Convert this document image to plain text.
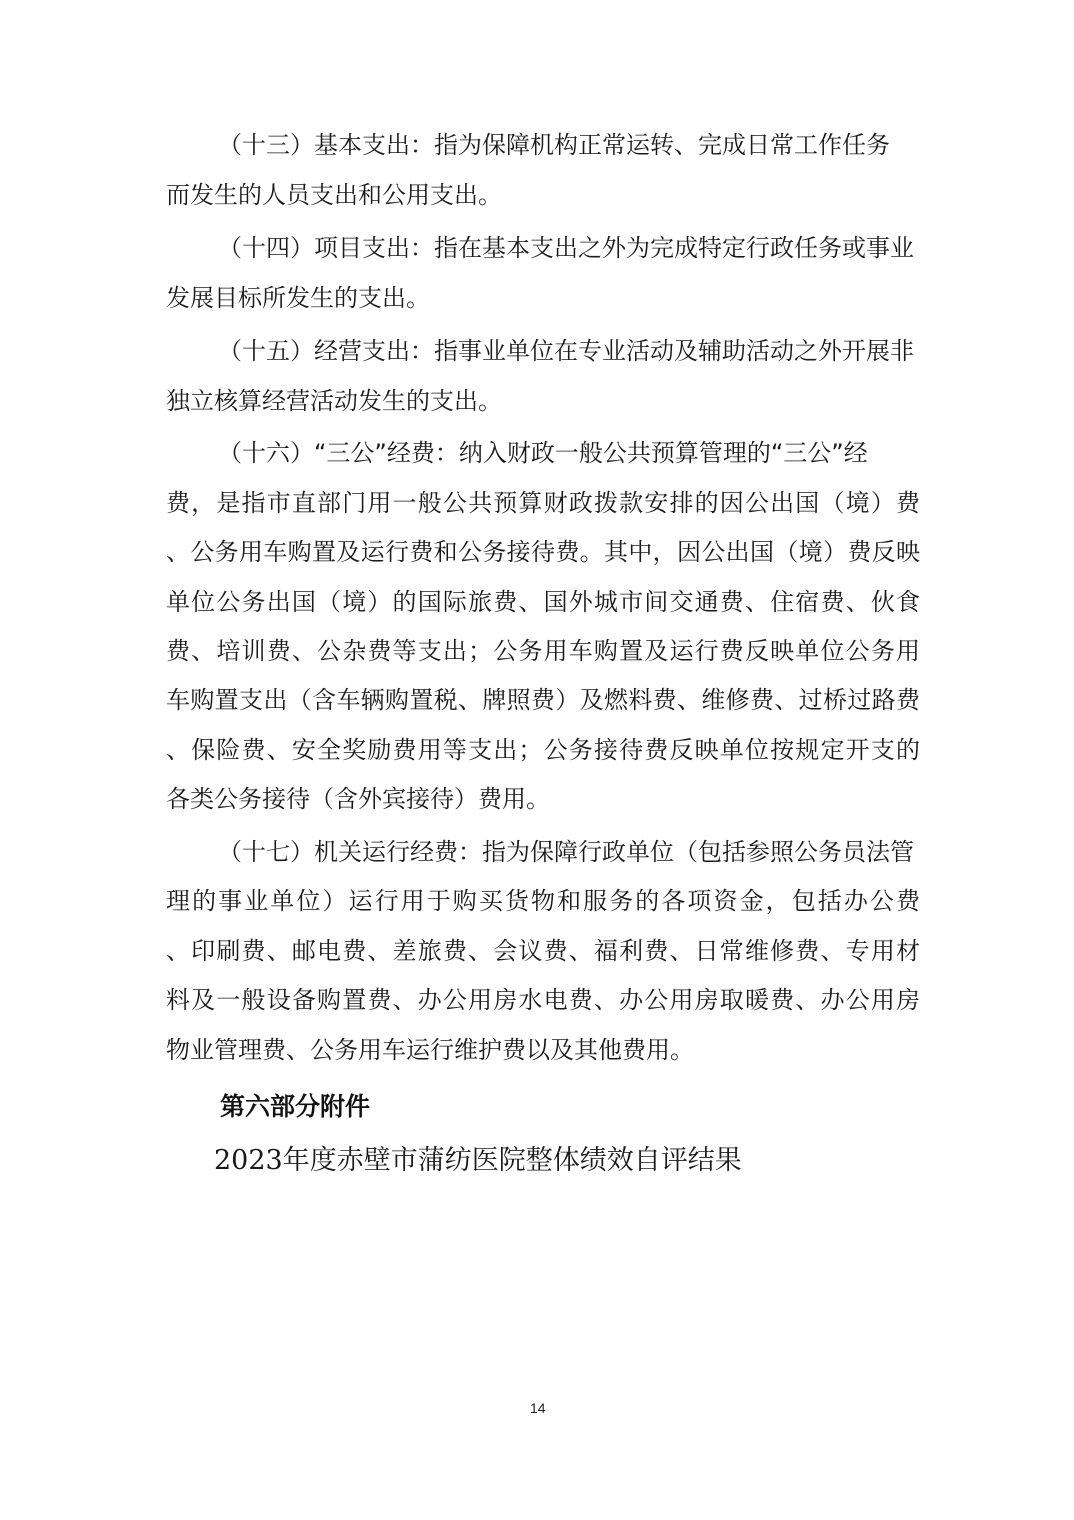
（十三）基本支出：指为保障机构正常运转、完成日常工作任务
而发生的人员支出和公用支出。
（十四）项目支出：指在基本支出之外为完成特定行政任务或事业
发展目标所发生的支出。
（十五）经营支出：指事业单位在专业活动及辅助活动之外开展非
独立核算经营活动发生的支出。
（十六）“三公”经费：纳入财政一般公共预算管理的“三公”经
费，是指市直部门用一般公共预算财政拨款安排的因公出国（境）费
、公务用车购置及运行费和公务接待费。其中，因公出国（境）费反映
单位公务出国（境）的国际旅费、国外城市间交通费、住宿费、伙食
费、培训费、公杂费等支出；公务用车购置及运行费反映单位公务用
车购置支出（含车辆购置税、牌照费）及燃料费、维修费、过桥过路费
、保险费、安全奖励费用等支出；公务接待费反映单位按规定开支的
各类公务接待（含外宾接待）费用。
（十七）机关运行经费：指为保障行政单位（包括参照公务员法管
理的事业单位）运行用于购买货物和服务的各项资金，包括办公费
、印刷费、邮电费、差旅费、会议费、福利费、日常维修费、专用材
料及一般设备购置费、办公用房水电费、办公用房取暖费、办公用房
物业管理费、公务用车运行维护费以及其他费用。
第六部分附件
2023年度赤壁市蒲纺医院整体绩效自评结果
14
